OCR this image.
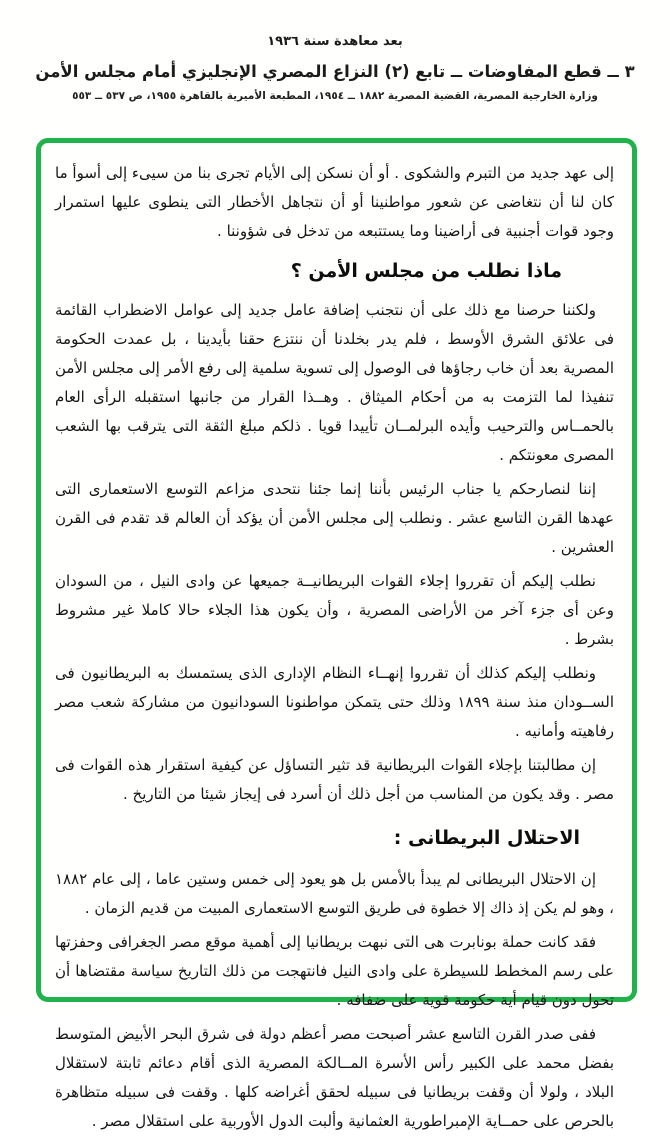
بعد معاهدة سنة ١٩٣٦
٣ ــ قطع المفاوضات ــ تابع (٢) النزاع المصري الإنجليزي أمام مجلس الأمن
وزارة الخارجية المصرية، القضية المصرية ١٨٨٢ ــ ١٩٥٤، المطبعة الأميرية بالقاهرة ١٩٥٥، ص ٥٣٧ ــ ٥٥٣

إلى عهد جديد من التبرم والشكوى . أو أن نسكن إلى الأيام تجرى بنا من سيىء إلى أسوأ ما كان لنا أن نتغاضى عن شعور مواطنينا أو أن نتجاهل الأخطار التى ينطوى عليها استمرار وجود قوات أجنبية فى أراضينا وما يستتبعه من تدخل فى شؤوننا .

ماذا نطلب من مجلس الأمن ؟

ولكننا حرصنا مع ذلك على أن نتجنب إضافة عامل جديد إلى عوامل الاضطراب القائمة فى علائق الشرق الأوسط ، فلم يدر بخلدنا أن ننتزع حقنا بأيدينا ، بل عمدت الحكومة المصرية بعد أن خاب رجاؤها فى الوصول إلى تسوية سلمية إلى رفع الأمر إلى مجلس الأمن تنفيذا لما التزمت به من أحكام الميثاق . وهــذا القرار من جانبها استقبله الرأى العام بالحمــاس والترحيب وأيده البرلمــان تأييدا قويا . ذلكم مبلغ الثقة التى يترقب بها الشعب المصرى معونتكم .

إننا لنصارحكم يا جناب الرئيس بأننا إنما جئنا نتحدى مزاعم التوسع الاستعمارى التى عهدها القرن التاسع عشر . ونطلب إلى مجلس الأمن أن يؤكد أن العالم قد تقدم فى القرن العشرين .

نطلب إليكم أن تقرروا إجلاء القوات البريطانيــة جميعها عن وادى النيل ، من السودان وعن أى جزء آخر من الأراضى المصرية ، وأن يكون هذا الجلاء حالا كاملا غير مشروط بشرط .

ونطلب إليكم كذلك أن تقرروا إنهــاء النظام الإدارى الذى يستمسك به البريطانيون فى الســودان منذ سنة ١٨٩٩ وذلك حتى يتمكن مواطنونا السودانيون من مشاركة شعب مصر رفاهيته وأمانيه .

إن مطالبتنا بإجلاء القوات البريطانية قد تثير التساؤل عن كيفية استقرار هذه القوات فى مصر . وقد يكون من المناسب من أجل ذلك أن أسرد فى إيجاز شيئا من التاريخ .

الاحتلال البريطانى :

إن الاحتلال البريطانى لم يبدأ بالأمس بل هو يعود إلى خمس وستين عاما ، إلى عام ١٨٨٢ ، وهو لم يكن إذ ذاك إلا خطوة فى طريق التوسع الاستعمارى المبيت من قديم الزمان .

فقد كانت حملة بونابرت هى التى نبهت بريطانيا إلى أهمية موقع مصر الجغرافى وحفزتها على رسم المخطط للسيطرة على وادى النيل فانتهجت من ذلك التاريخ سياسة مقتضاها أن تحول دون قيام أية حكومة قوية على ضفافه .

ففى صدر القرن التاسع عشر أصبحت مصر أعظم دولة فى شرق البحر الأبيض المتوسط بفضل محمد على الكبير رأس الأسرة المــالكة المصرية الذى أقام دعائم ثابتة لاستقلال البلاد ، ولولا أن وقفت بريطانيا فى سبيله لحقق أغراضه كلها . وقفت فى سبيله متظاهرة بالحرص على حمــاية الإمبراطورية العثمانية وألبت الدول الأوربية على استقلال مصر .
